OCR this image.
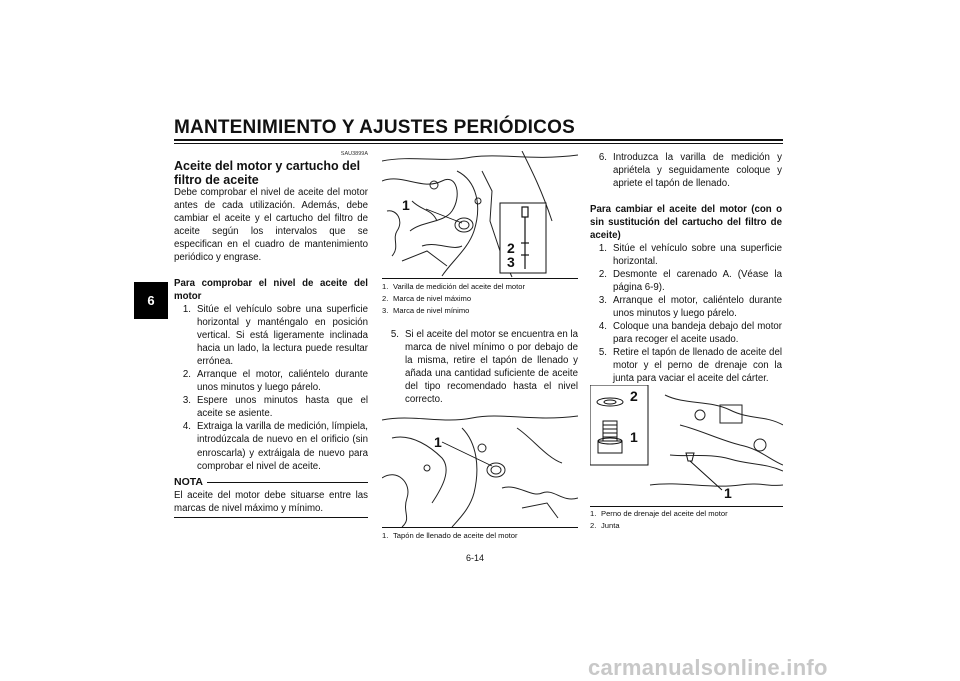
MANTENIMIENTO Y AJUSTES PERIÓDICOS
6
SAU3899A
Aceite del motor y cartucho del
filtro de aceite
Debe comprobar el nivel de aceite del motor antes de cada utilización. Además, debe cambiar el aceite y el cartucho del filtro de aceite según los intervalos que se especifican en el cuadro de mantenimiento periódico y engrase.
Para comprobar el nivel de aceite del motor
1. Sitúe el vehículo sobre una superficie horizontal y manténgalo en posición vertical. Si está ligeramente inclinada hacia un lado, la lectura puede resultar errónea.
2. Arranque el motor, caliéntelo durante unos minutos y luego párelo.
3. Espere unos minutos hasta que el aceite se asiente.
4. Extraiga la varilla de medición, límpiela, introdúzcala de nuevo en el orificio (sin enroscarla) y extráigala de nuevo para comprobar el nivel de aceite.
NOTA
El aceite del motor debe situarse entre las marcas de nivel máximo y mínimo.
1
2
3
1. Varilla de medición del aceite del motor
2. Marca de nivel máximo
3. Marca de nivel mínimo
5. Si el aceite del motor se encuentra en la marca de nivel mínimo o por debajo de la misma, retire el tapón de llenado y añada una cantidad suficiente de aceite del tipo recomendado hasta el nivel correcto.
1
1. Tapón de llenado de aceite del motor
6. Introduzca la varilla de medición y apriétela y seguidamente coloque y apriete el tapón de llenado.
Para cambiar el aceite del motor (con o sin sustitución del cartucho del filtro de aceite)
1. Sitúe el vehículo sobre una superficie horizontal.
2. Desmonte el carenado A. (Véase la página 6-9).
3. Arranque el motor, caliéntelo durante unos minutos y luego párelo.
4. Coloque una bandeja debajo del motor para recoger el aceite usado.
5. Retire el tapón de llenado de aceite del motor y el perno de drenaje con la junta para vaciar el aceite del cárter.
2
1
1
1. Perno de drenaje del aceite del motor
2. Junta
6-14
carmanualsonline.info
